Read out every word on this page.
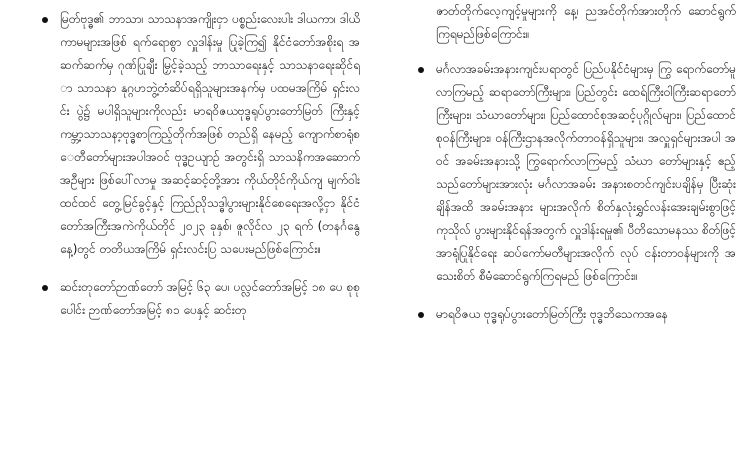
မြတ်ဗုဒ္ဓ၏ ဘာသာ၊ သာသနာအကျိုးငှာ ပစ္စည်းလေးပါး ဒါယကာ၊ ဒါယိကာမများအဖြစ် ရက်ရောစွာ လှူဒါန်းမှု ပြုခဲ့ကြ၍ နိုင်ငံတော်အစိုးရ အဆက်ဆက်မှ ဂုဏ်ပြုချီး မြှင့်ခဲ့သည့် ဘာသာရေးနှင့် သာသနာရေးဆိုင်ရာ သာသနာ နုဂ္ဂဟဘွဲ့တံဆိပ်ရရှိသူများအနက်မှ ပထမအကြိမ် ရှင်းလင်း ပွဲ၌ မပါရှိသူများကိုလည်း မာရဝိဇယဗုဒ္ဓရုပ်ပွားတော်မြတ် ကြီးနှင့် ကမ္ဘာ့သာသနာ့ဗုဒ္ဓစာကြည့်တိုက်အဖြစ် တည်ရှိ နေမည့် ကျောက်စာရုံစေတီတော်များအပါအဝင် ဗုဒ္ဓဥယျာဉ် အတွင်းရှိ သာသနိကအဆောက်အဦများ ဖြစ်ပေါ်လာမှု အဆင့်ဆင့်တို့အား ကိုယ်တိုင်ကိုယ်ကျ မျက်ဝါးထင်ထင် တွေ့မြင်ခွင့်နှင့် ကြည်ညိုသဒ္ဓါပွားများနိုင်စေရေးအလို့ငှာ နိုင်ငံတော်အကြီးအကဲကိုယ်တိုင် ၂၀၂၃ ခုနှစ်၊ ဇူလိုင်လ ၂၃ ရက် (တနင်္ဂနွေနေ့)တွင် တတိယအကြိမ် ရှင်းလင်းပြ သပေးမည်ဖြစ်ကြောင်း။
ဆင်းတုတော်ဉာဏ်တော် အမြင့် ၆၃ ပေ၊ ပလ္လင်တော်အမြင့် ၁၈ ပေ စုစုပေါင်း ဉာဏ်တော်အမြင့် ၈၁ ပေနှင့် ဆင်းတု
ဇာတ်တိုက်လေ့ကျင့်မှုများကို နေ့၊ ညအင်တိုက်အားတိုက် ဆောင်ရွက်ကြရမည်ဖြစ်ကြောင်း။
မင်္ဂလာအခမ်းအနားကျင်းပရာတွင် ပြည်ပနိုင်ငံများမှ ကြွ ရောက်တော်မူလာကြမည့် ဆရာတော်ကြီးများ၊ ပြည်တွင်း ထေရ်ကြီးဝါကြီးဆရာတော်ကြီးများ၊ သံဃာတော်များ၊ ပြည်ထောင်စုအဆင့်ပုဂ္ဂိုလ်များ၊ ပြည်ထောင်စုဝန်ကြီးများ၊ ဝန်ကြီးဌာနအလိုက်တာဝန်ရှိသူများ၊ အလှူရှင်များအပါ အဝင် အခမ်းအနားသို့ ကြွရောက်လာကြမည့် သံဃာ တော်များနှင့် ဧည့်သည်တော်များအားလုံး မင်္ဂလာအခမ်း အနားစတင်ကျင်းပချိန်မှ ပြီးဆုံးချိန်အထိ အခမ်းအနား များအလိုက် စိတ်နှလုံးရွှင်လန်းအေးချမ်းစွာဖြင့် ကုသိုလ် ပွားများနိုင်ရန်အတွက် လှူဒါန်းရမှု၏ ပီတိသောမနဿ စိတ်ဖြင့် အာရုံပြုနိုင်ရေး ဆပ်ကော်မတီများအလိုက် လုပ် ငန်းတာဝန်များကို အသေးစိတ် စီမံဆောင်ရွက်ကြရမည် ဖြစ်ကြောင်း။
မာရဝိဇယ ဗုဒ္ဓရုပ်ပွားတော်မြတ်ကြီး ဗုဒ္ဓဘိသေကအနေ
